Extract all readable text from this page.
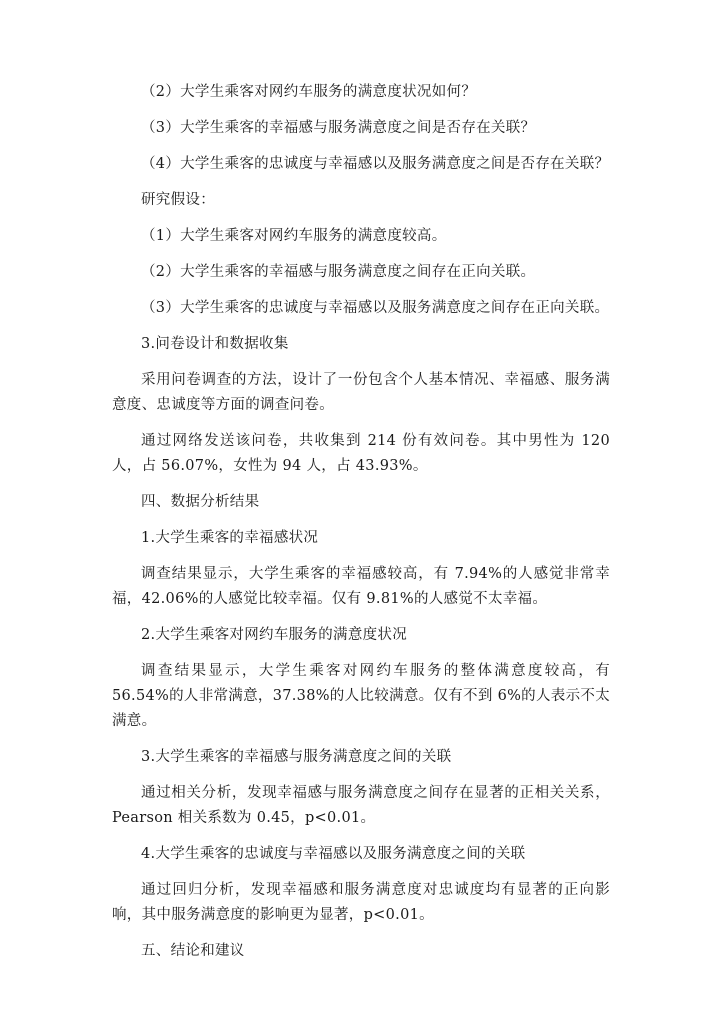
（2）大学生乘客对网约车服务的满意度状况如何？

（3）大学生乘客的幸福感与服务满意度之间是否存在关联？

（4）大学生乘客的忠诚度与幸福感以及服务满意度之间是否存在关联？

研究假设：

（1）大学生乘客对网约车服务的满意度较高。

（2）大学生乘客的幸福感与服务满意度之间存在正向关联。

（3）大学生乘客的忠诚度与幸福感以及服务满意度之间存在正向关联。

3.问卷设计和数据收集

采用问卷调查的方法，设计了一份包含个人基本情况、幸福感、服务满意度、忠诚度等方面的调查问卷。

通过网络发送该问卷，共收集到 214 份有效问卷。其中男性为 120 人，占 56.07%，女性为 94 人，占 43.93%。

四、数据分析结果

1.大学生乘客的幸福感状况

调查结果显示，大学生乘客的幸福感较高，有 7.94%的人感觉非常幸福，42.06%的人感觉比较幸福。仅有 9.81%的人感觉不太幸福。

2.大学生乘客对网约车服务的满意度状况

调查结果显示，大学生乘客对网约车服务的整体满意度较高，有 56.54%的人非常满意，37.38%的人比较满意。仅有不到 6%的人表示不太满意。

3.大学生乘客的幸福感与服务满意度之间的关联

通过相关分析，发现幸福感与服务满意度之间存在显著的正相关关系，Pearson 相关系数为 0.45，p<0.01。

4.大学生乘客的忠诚度与幸福感以及服务满意度之间的关联

通过回归分析，发现幸福感和服务满意度对忠诚度均有显著的正向影响，其中服务满意度的影响更为显著，p<0.01。

五、结论和建议
